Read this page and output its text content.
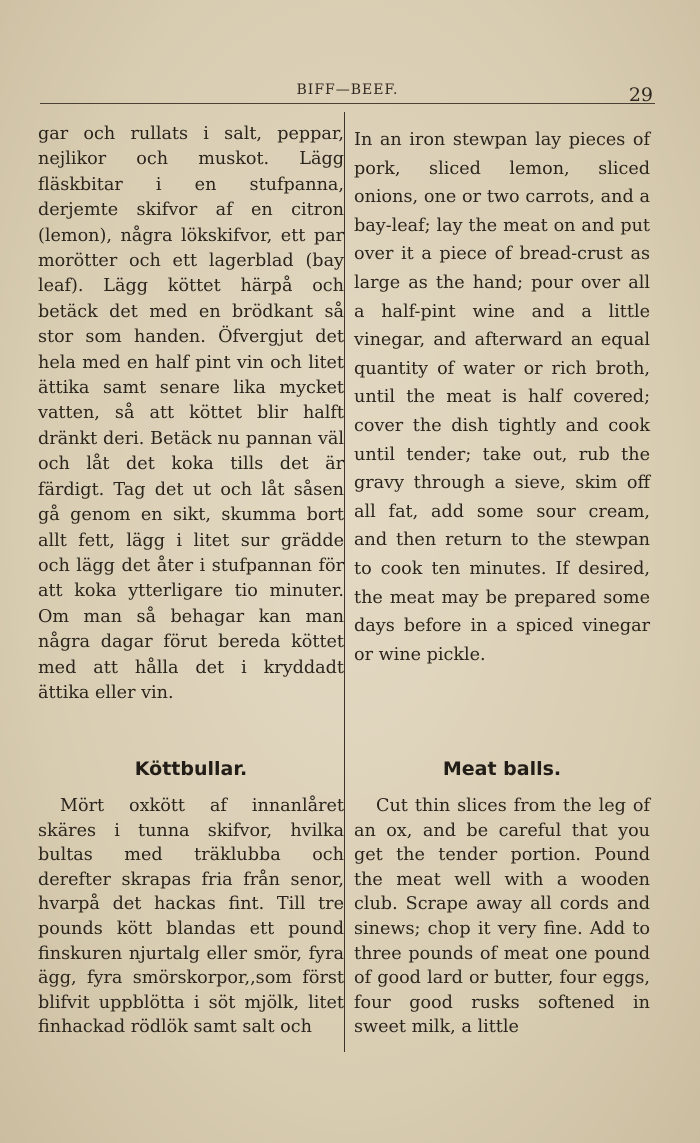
BIFF—BEEF.	29

gar och rullats i salt, peppar, nejlikor och muskot. Lägg fläskbitar i en stufpanna, derjemte skifvor af en citron (lemon), några lökskifvor, ett par morötter och ett lagerblad (bay leaf). Lägg köttet härpå och betäck det med en brödkant så stor som handen. Öfvergjut det hela med en half pint vin och litet ättika samt senare lika mycket vatten, så att köttet blir halft dränkt deri. Betäck nu pannan väl och låt det koka tills det är färdigt. Tag det ut och låt såsen gå genom en sikt, skumma bort allt fett, lägg i litet sur grädde och lägg det åter i stufpannan för att koka ytterligare tio minuter. Om man så behagar kan man några dagar förut bereda köttet med att hålla det i kryddadt ättika eller vin.

In an iron stewpan lay pieces of pork, sliced lemon, sliced onions, one or two carrots, and a bay-leaf; lay the meat on and put over it a piece of bread-crust as large as the hand; pour over all a half-pint wine and a little vinegar, and afterward an equal quantity of water or rich broth, until the meat is half covered; cover the dish tightly and cook until tender; take out, rub the gravy through a sieve, skim off all fat, add some sour cream, and then return to the stewpan to cook ten minutes. If desired, the meat may be prepared some days before in a spiced vinegar or wine pickle.

Köttbullar.	Meat balls.

Mört oxkött af innanlåret skäres i tunna skifvor, hvilka bultas med träklubba och derefter skrapas fria från senor, hvarpå det hackas fint. Till tre pounds kött blandas ett pound finskuren njurtalg eller smör, fyra ägg, fyra smörskorpor,,som först blifvit uppblötta i söt mjölk, litet finhackad rödlök samt salt och

Cut thin slices from the leg of an ox, and be careful that you get the tender portion. Pound the meat well with a wooden club. Scrape away all cords and sinews; chop it very fine. Add to three pounds of meat one pound of good lard or butter, four eggs, four good rusks softened in sweet milk, a little
